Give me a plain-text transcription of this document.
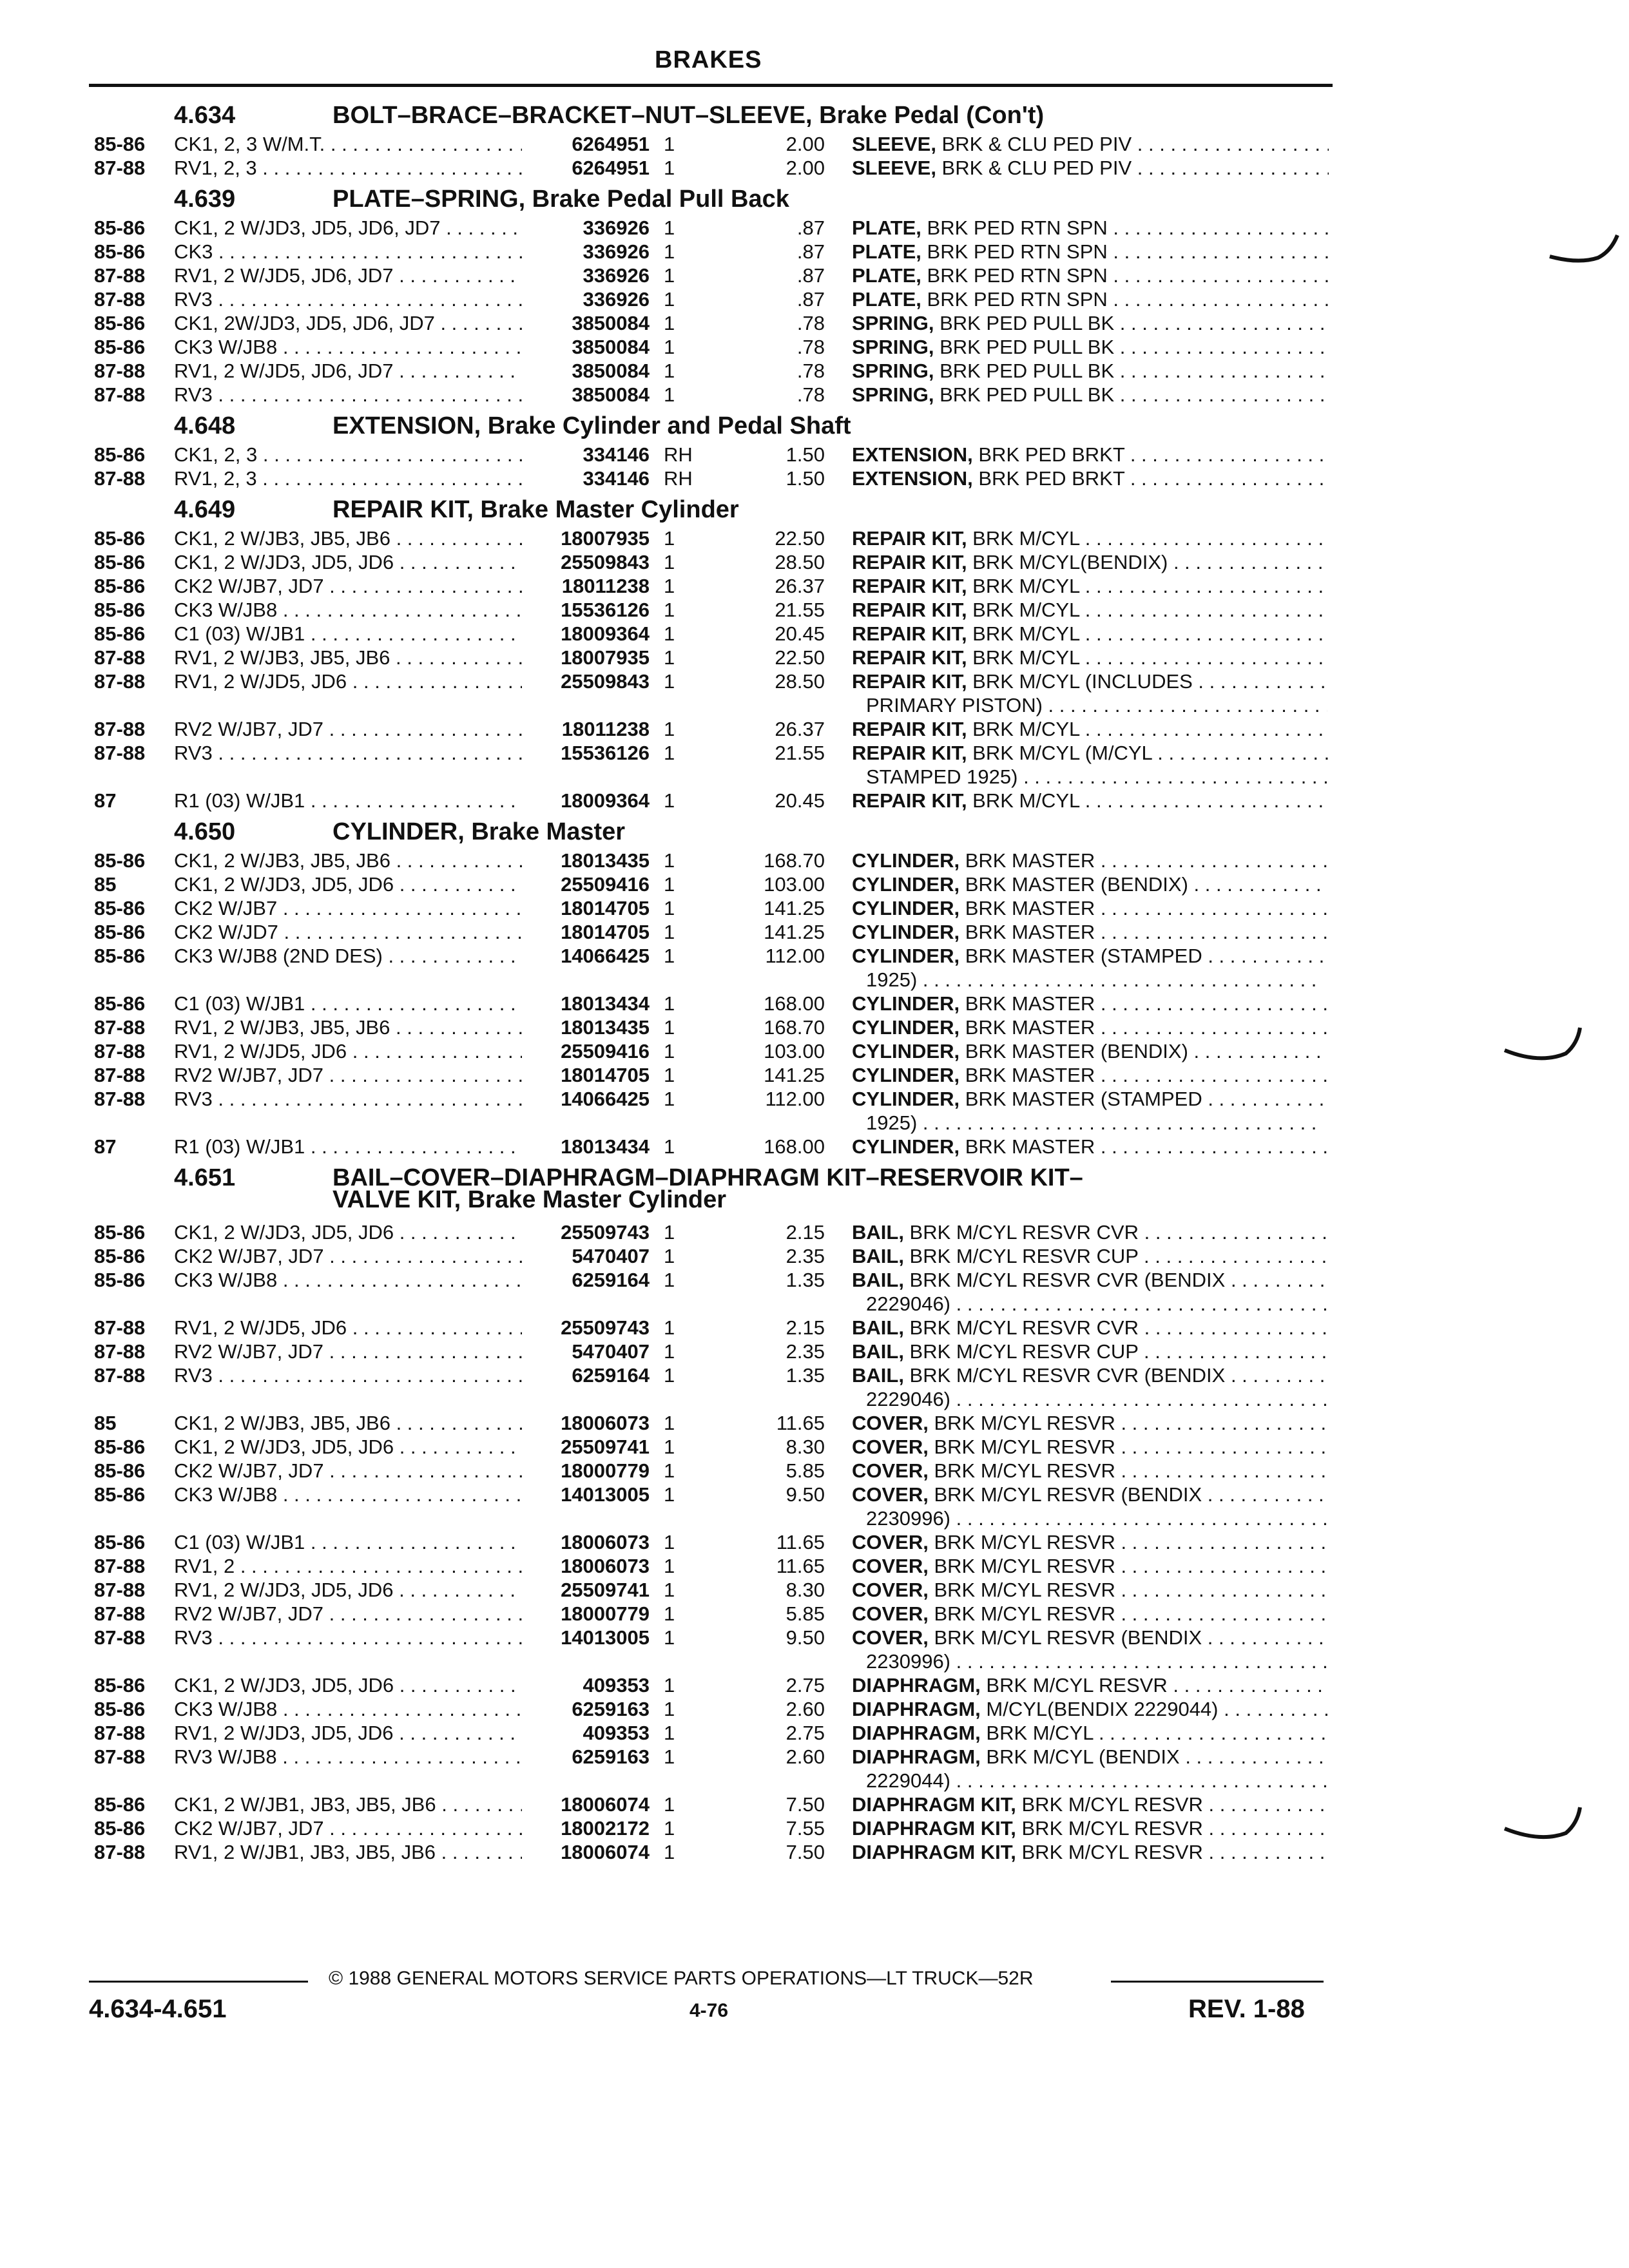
BRAKES
4.634	BOLT–BRACE–BRACKET–NUT–SLEEVE, Brake Pedal (Con't)
85-86 CK1, 2, 3 W/M.T. . . .	6264951 1	2.00 SLEEVE, BRK & CLU PED PIV . . .
87-88 RV1, 2, 3 . . .	6264951 1	2.00 SLEEVE, BRK & CLU PED PIV . . .
4.639	PLATE–SPRING, Brake Pedal Pull Back
85-86 CK1, 2 W/JD3, JD5, JD6, JD7 . . .	336926 1	.87 PLATE, BRK PED RTN SPN . . .
85-86 CK3 . . .	336926 1	.87 PLATE, BRK PED RTN SPN . . .
87-88 RV1, 2 W/JD5, JD6, JD7 . . .	336926 1	.87 PLATE, BRK PED RTN SPN . . .
87-88 RV3 . . .	336926 1	.87 PLATE, BRK PED RTN SPN . . .
85-86 CK1, 2W/JD3, JD5, JD6, JD7 . . .	3850084 1	.78 SPRING, BRK PED PULL BK . . .
85-86 CK3 W/JB8 . . .	3850084 1	.78 SPRING, BRK PED PULL BK . . .
87-88 RV1, 2 W/JD5, JD6, JD7 . . .	3850084 1	.78 SPRING, BRK PED PULL BK . . .
87-88 RV3 . . .	3850084 1	.78 SPRING, BRK PED PULL BK . . .
4.648	EXTENSION, Brake Cylinder and Pedal Shaft
85-86 CK1, 2, 3 . . .	334146 RH	1.50 EXTENSION, BRK PED BRKT . . .
87-88 RV1, 2, 3 . . .	334146 RH	1.50 EXTENSION, BRK PED BRKT . . .
4.649	REPAIR KIT, Brake Master Cylinder
85-86 CK1, 2 W/JB3, JB5, JB6 . . .	18007935 1	22.50 REPAIR KIT, BRK M/CYL . . .
85-86 CK1, 2 W/JD3, JD5, JD6 . . .	25509843 1	28.50 REPAIR KIT, BRK M/CYL(BENDIX) . . .
85-86 CK2 W/JB7, JD7 . . .	18011238 1	26.37 REPAIR KIT, BRK M/CYL . . .
85-86 CK3 W/JB8 . . .	15536126 1	21.55 REPAIR KIT, BRK M/CYL . . .
85-86 C1 (03) W/JB1 . . .	18009364 1	20.45 REPAIR KIT, BRK M/CYL . . .
87-88 RV1, 2 W/JB3, JB5, JB6 . . .	18007935 1	22.50 REPAIR KIT, BRK M/CYL . . .
87-88 RV1, 2 W/JD5, JD6 . . .	25509843 1	28.50 REPAIR KIT, BRK M/CYL (INCLUDES . . .
PRIMARY PISTON) . . .
87-88 RV2 W/JB7, JD7 . . .	18011238 1	26.37 REPAIR KIT, BRK M/CYL . . .
87-88 RV3 . . .	15536126 1	21.55 REPAIR KIT, BRK M/CYL (M/CYL . . .
STAMPED 1925) . . .
87	R1 (03) W/JB1 . . .	18009364 1	20.45 REPAIR KIT, BRK M/CYL . . .
4.650	CYLINDER, Brake Master
85-86 CK1, 2 W/JB3, JB5, JB6 . . .	18013435 1	168.70 CYLINDER, BRK MASTER . . .
85	CK1, 2 W/JD3, JD5, JD6 . . .	25509416 1	103.00 CYLINDER, BRK MASTER (BENDIX) . . .
85-86 CK2 W/JB7 . . .	18014705 1	141.25 CYLINDER, BRK MASTER . . .
85-86 CK2 W/JD7 . . .	18014705 1	141.25 CYLINDER, BRK MASTER . . .
85-86 CK3 W/JB8 (2ND DES) . . .	14066425 1	112.00 CYLINDER, BRK MASTER (STAMPED . . .
1925) . . .
85-86 C1 (03) W/JB1 . . .	18013434 1	168.00 CYLINDER, BRK MASTER . . .
87-88 RV1, 2 W/JB3, JB5, JB6 . . .	18013435 1	168.70 CYLINDER, BRK MASTER . . .
87-88 RV1, 2 W/JD5, JD6 . . .	25509416 1	103.00 CYLINDER, BRK MASTER (BENDIX) . . .
87-88 RV2 W/JB7, JD7 . . .	18014705 1	141.25 CYLINDER, BRK MASTER . . .
87-88 RV3 . . .	14066425 1	112.00 CYLINDER, BRK MASTER (STAMPED . . .
1925) . . .
87	R1 (03) W/JB1 . . .	18013434 1	168.00 CYLINDER, BRK MASTER . . .
4.651	BAIL–COVER–DIAPHRAGM–DIAPHRAGM KIT–RESERVOIR KIT–
VALVE KIT, Brake Master Cylinder
85-86 CK1, 2 W/JD3, JD5, JD6 . . .	25509743 1	2.15 BAIL, BRK M/CYL RESVR CVR . . .
85-86 CK2 W/JB7, JD7 . . .	5470407 1	2.35 BAIL, BRK M/CYL RESVR CUP . . .
85-86 CK3 W/JB8 . . .	6259164 1	1.35 BAIL, BRK M/CYL RESVR CVR (BENDIX . . .
2229046) . . .
87-88 RV1, 2 W/JD5, JD6 . . .	25509743 1	2.15 BAIL, BRK M/CYL RESVR CVR . . .
87-88 RV2 W/JB7, JD7 . . .	5470407 1	2.35 BAIL, BRK M/CYL RESVR CUP . . .
87-88 RV3 . . .	6259164 1	1.35 BAIL, BRK M/CYL RESVR CVR (BENDIX . . .
2229046) . . .
85	CK1, 2 W/JB3, JB5, JB6 . . .	18006073 1	11.65 COVER, BRK M/CYL RESVR . . .
85-86 CK1, 2 W/JD3, JD5, JD6 . . .	25509741 1	8.30 COVER, BRK M/CYL RESVR . . .
85-86 CK2 W/JB7, JD7 . . .	18000779 1	5.85 COVER, BRK M/CYL RESVR . . .
85-86 CK3 W/JB8 . . .	14013005 1	9.50 COVER, BRK M/CYL RESVR (BENDIX . . .
2230996) . . .
85-86 C1 (03) W/JB1 . . .	18006073 1	11.65 COVER, BRK M/CYL RESVR . . .
87-88 RV1, 2 . . .	18006073 1	11.65 COVER, BRK M/CYL RESVR . . .
87-88 RV1, 2 W/JD3, JD5, JD6 . . .	25509741 1	8.30 COVER, BRK M/CYL RESVR . . .
87-88 RV2 W/JB7, JD7 . . .	18000779 1	5.85 COVER, BRK M/CYL RESVR . . .
87-88 RV3 . . .	14013005 1	9.50 COVER, BRK M/CYL RESVR (BENDIX . . .
2230996) . . .
85-86 CK1, 2 W/JD3, JD5, JD6 . . .	409353 1	2.75 DIAPHRAGM, BRK M/CYL RESVR . . .
85-86 CK3 W/JB8 . . .	6259163 1	2.60 DIAPHRAGM, M/CYL(BENDIX 2229044) . . .
87-88 RV1, 2 W/JD3, JD5, JD6 . . .	409353 1	2.75 DIAPHRAGM, BRK M/CYL . . .
87-88 RV3 W/JB8 . . .	6259163 1	2.60 DIAPHRAGM, BRK M/CYL (BENDIX . . .
2229044) . . .
85-86 CK1, 2 W/JB1, JB3, JB5, JB6 . . .	18006074 1	7.50 DIAPHRAGM KIT, BRK M/CYL RESVR . . .
85-86 CK2 W/JB7, JD7 . . .	18002172 1	7.55 DIAPHRAGM KIT, BRK M/CYL RESVR . . .
87-88 RV1, 2 W/JB1, JB3, JB5, JB6 . . .	18006074 1	7.50 DIAPHRAGM KIT, BRK M/CYL RESVR . . .
© 1988 GENERAL MOTORS SERVICE PARTS OPERATIONS—LT TRUCK—52R
4.634-4.651	4-76	REV. 1-88
